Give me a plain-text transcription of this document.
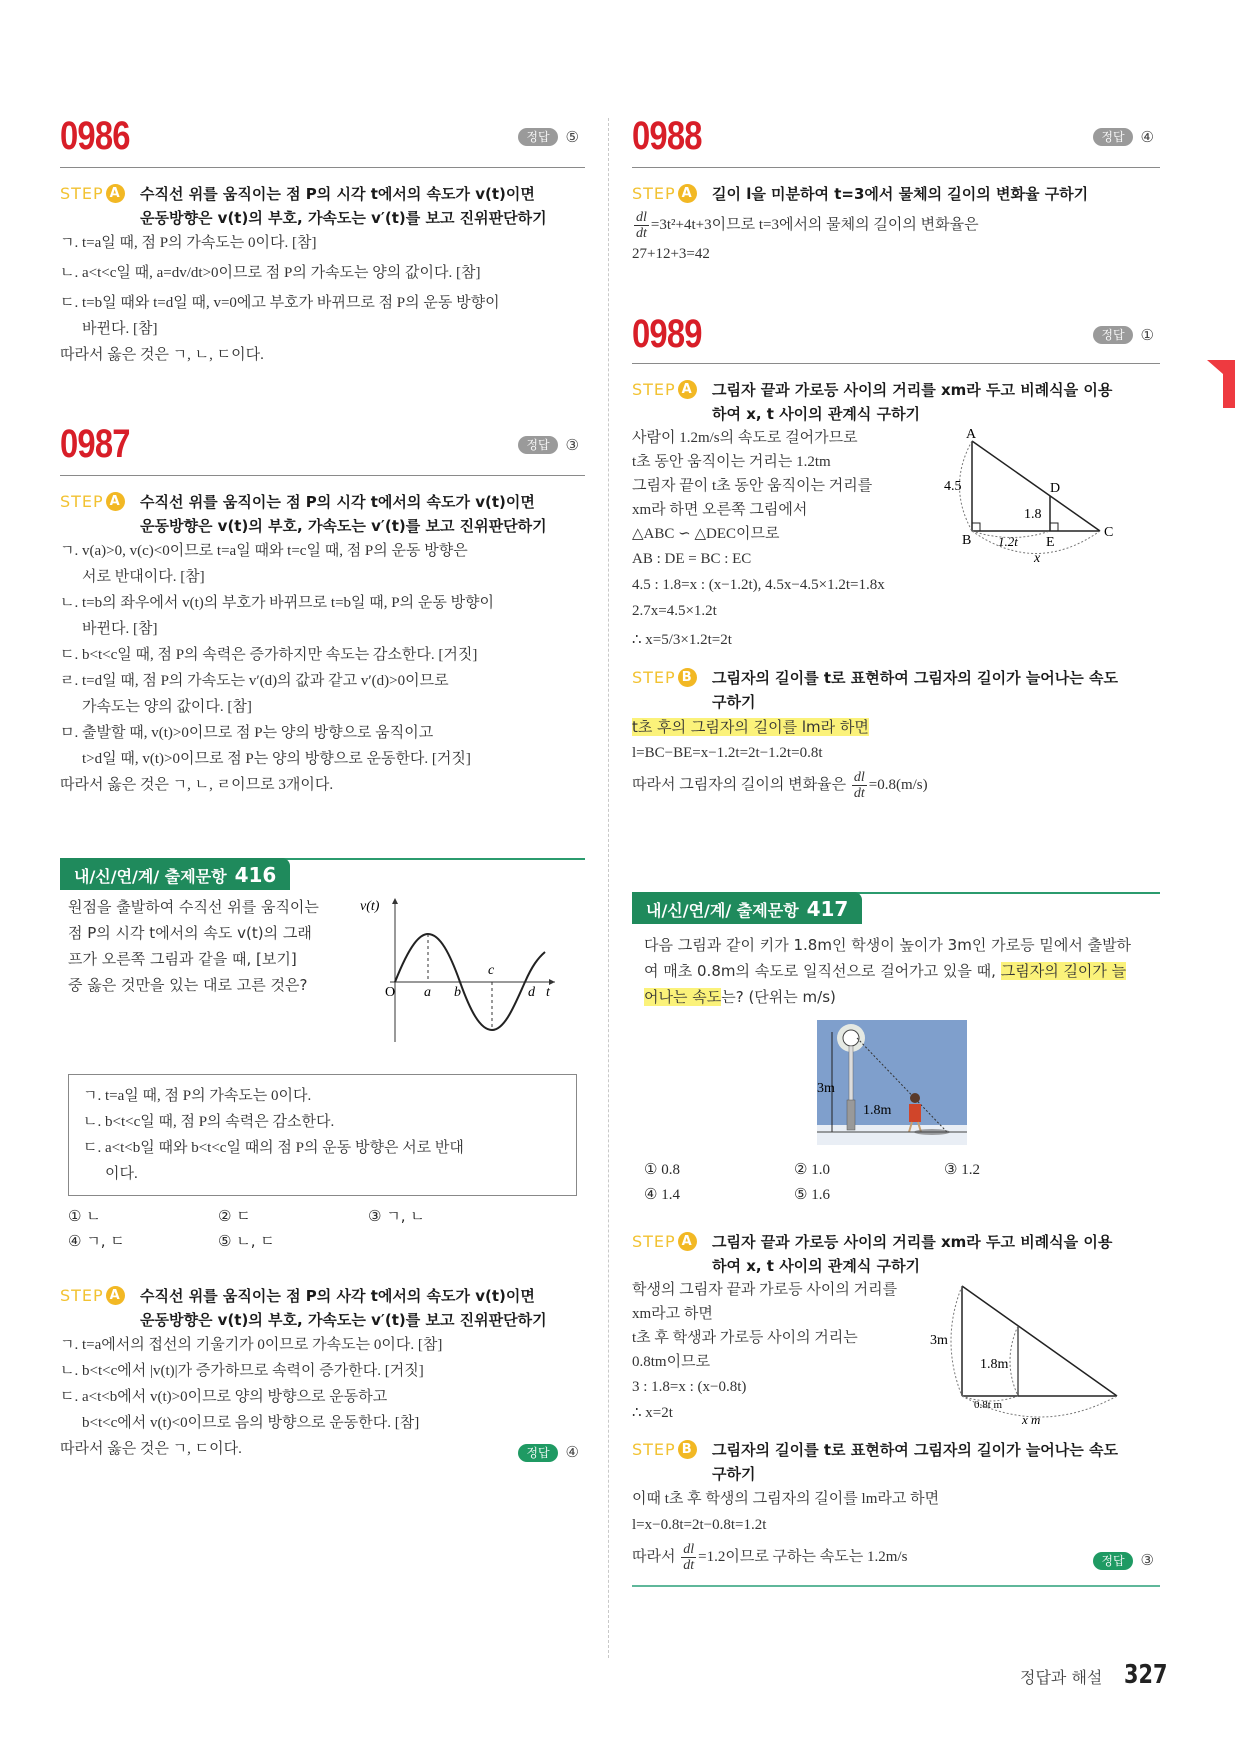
0986	정답	⑤
STEP A 수직선 위를 움직이는 점 P의 시각 t에서의 속도가 v(t)이면
운동방향은 v(t)의 부호, 가속도는 v′(t)를 보고 진위판단하기
ㄱ. t=a일 때, 점 P의 가속도는 0이다. [참]
ㄴ. a<t<c일 때, a=dv/dt>0이므로 점 P의 가속도는 양의 값이다. [참]
ㄷ. t=b일 때와 t=d일 때, v=0에고 부호가 바뀌므로 점 P의 운동 방향이
바뀐다. [참]
따라서 옳은 것은 ㄱ, ㄴ, ㄷ이다.
0987	정답	③
STEP A 수직선 위를 움직이는 점 P의 시각 t에서의 속도가 v(t)이면
운동방향은 v(t)의 부호, 가속도는 v′(t)를 보고 진위판단하기
ㄱ. v(a)>0, v(c)<0이므로 t=a일 때와 t=c일 때, 점 P의 운동 방향은
서로 반대이다. [참]
ㄴ. t=b의 좌우에서 v(t)의 부호가 바뀌므로 t=b일 때, P의 운동 방향이
바뀐다. [참]
ㄷ. b<t<c일 때, 점 P의 속력은 증가하지만 속도는 감소한다. [거짓]
ㄹ. t=d일 때, 점 P의 가속도는 v′(d)의 값과 같고 v′(d)>0이므로
가속도는 양의 값이다. [참]
ㅁ. 출발할 때, v(t)>0이므로 점 P는 양의 방향으로 움직이고
t>d일 때, v(t)>0이므로 점 P는 양의 방향으로 운동한다. [거짓]
따라서 옳은 것은 ㄱ, ㄴ, ㄹ이므로 3개이다.
내/신/연/계/ 출제문항 416
원점을 출발하여 수직선 위를 움직이는
점 P의 시각 t에서의 속도 v(t)의 그래
프가 오른쪽 그림과 같을 때, [보기]
중 옳은 것만을 있는 대로 고른 것은?
v(t)
O a b
c
d t
ㄱ. t=a일 때, 점 P의 가속도는 0이다.
ㄴ. b<t<c일 때, 점 P의 속력은 감소한다.
ㄷ. a<t<b일 때와 b<t<c일 때의 점 P의 운동 방향은 서로 반대
이다.
① ㄴ	② ㄷ	③ ㄱ, ㄴ
④ ㄱ, ㄷ	⑤ ㄴ, ㄷ
STEP A 수직선 위를 움직이는 점 P의 사각 t에서의 속도가 v(t)이면
운동방향은 v(t)의 부호, 가속도는 v′(t)를 보고 진위판단하기
ㄱ. t=a에서의 접선의 기울기가 0이므로 가속도는 0이다. [참]
ㄴ. b<t<c에서 |v(t)|가 증가하므로 속력이 증가한다. [거짓]
ㄷ. a<t<b에서 v(t)>0이므로 양의 방향으로 운동하고
b<t<c에서 v(t)<0이므로 음의 방향으로 운동한다. [참]
따라서 옳은 것은 ㄱ, ㄷ이다.	정답	④
0988	정답	④
STEP A 길이 l을 미분하여 t=3에서 물체의 길이의 변화율 구하기
$\frac{dl}{dt} =3t^2+4t+3$이므로 t=3에서의 물체의 길이의 변화율은
27+12+3=42
0989	정답	①
STEP A 그림자 끝과 가로등 사이의 거리를 xm라 두고 비례식을 이용
하여 x, t 사이의 관계식 구하기
사람이 1.2m/s의 속도로 걸어가므로
t초 동안 움직이는 거리는 1.2tm
그림자 끝이 t초 동안 움직이는 거리를
xm라 하면 오른쪽 그림에서
△ABC ∽ △DEC이므로
AB : DE = BC : EC
4.5 : 1.8=x : (x−1.2t), 4.5x−4.5×1.2t=1.8x
2.7x=4.5×1.2t
∴ x=5/3×1.2t=2t
A
B
C
D
E
4.5
1.8
1.2t
x
STEP B 그림자의 길이를 t로 표현하여 그림자의 길이가 늘어나는 속도
구하기
t초 후의 그림자의 길이를 lm라 하면
l=BC−BE=x−1.2t=2t−1.2t=0.8t
따라서 그림자의 길이의 변화율은 $\frac{dl}{dt} =0.8(m/s)$
내/신/연/계/ 출제문항 417
다음 그림과 같이 키가 1.8m인 학생이 높이가 3m인 가로등 밑에서 출발하
여 매초 0.8m의 속도로 일직선으로 걸어가고 있을 때, 그림자의 길이가 늘
어나는 속도는? (단위는 m/s)
3m
1.8m
① 0.8	② 1.0	③ 1.2
④ 1.4	⑤ 1.6
STEP A 그림자 끝과 가로등 사이의 거리를 xm라 두고 비례식을 이용
하여 x, t 사이의 관계식 구하기
학생의 그림자 끝과 가로등 사이의 거리를
xm라고 하면
t초 후 학생과 가로등 사이의 거리는
0.8tm이므로
3 : 1.8=x : (x−0.8t)
∴ x=2t
3m
1.8m
0.8t m
x m
STEP B 그림자의 길이를 t로 표현하여 그림자의 길이가 늘어나는 속도
구하기
이때 t초 후 학생의 그림자의 길이를 lm라고 하면
l=x−0.8t=2t−0.8t=1.2t
따라서 $\frac{dl}{dt} =1.2$이므로 구하는 속도는 1.2m/s	정답	③
정답과 해설 327
